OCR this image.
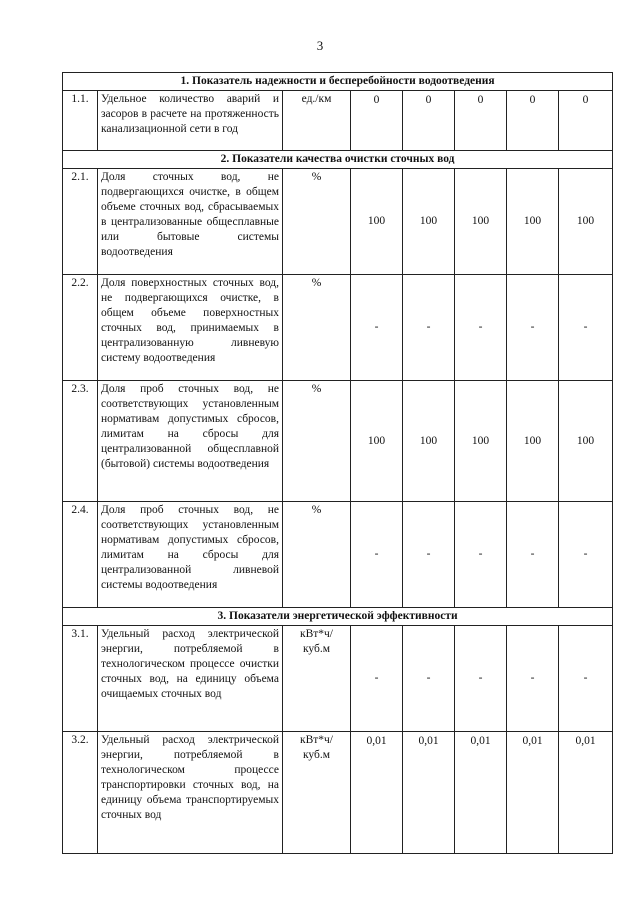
3
1. Показатель надежности и бесперебойности водоотведения							
1.1.	Удельное количество аварий и засоров в расчете на протяженность канализационной сети в год	ед./км	0	0	0	0	0
2. Показатели качества очистки сточных вод							
2.1.	Доля сточных вод, не подвергающихся очистке, в общем объеме сточных вод, сбрасываемых в централизованные общесплавные или бытовые системы водоотведения	%	100	100	100	100	100
2.2.	Доля поверхностных сточных вод, не подвергающихся очистке, в общем объеме поверхностных сточных вод, принимаемых в централизованную ливневую систему водоотведения	%	-	-	-	-	-
2.3.	Доля проб сточных вод, не соответствующих установленным нормативам допустимых сбросов, лимитам на сбросы для централизованной общесплавной (бытовой) системы водоотведения	%	100	100	100	100	100
2.4.	Доля проб сточных вод, не соответствующих установленным нормативам допустимых сбросов, лимитам на сбросы для централизованной ливневой системы водоотведения	%	-	-	-	-	-
3. Показатели энергетической эффективности							
3.1.	Удельный расход электрической энергии, потребляемой в технологическом процессе очистки сточных вод, на единицу объема очищаемых сточных вод	кВт*ч/ куб.м	-	-	-	-	-
3.2.	Удельный расход электрической энергии, потребляемой в технологическом процессе транспортировки сточных вод, на единицу объема транспортируемых сточных вод	кВт*ч/ куб.м	0,01	0,01	0,01	0,01	0,01
